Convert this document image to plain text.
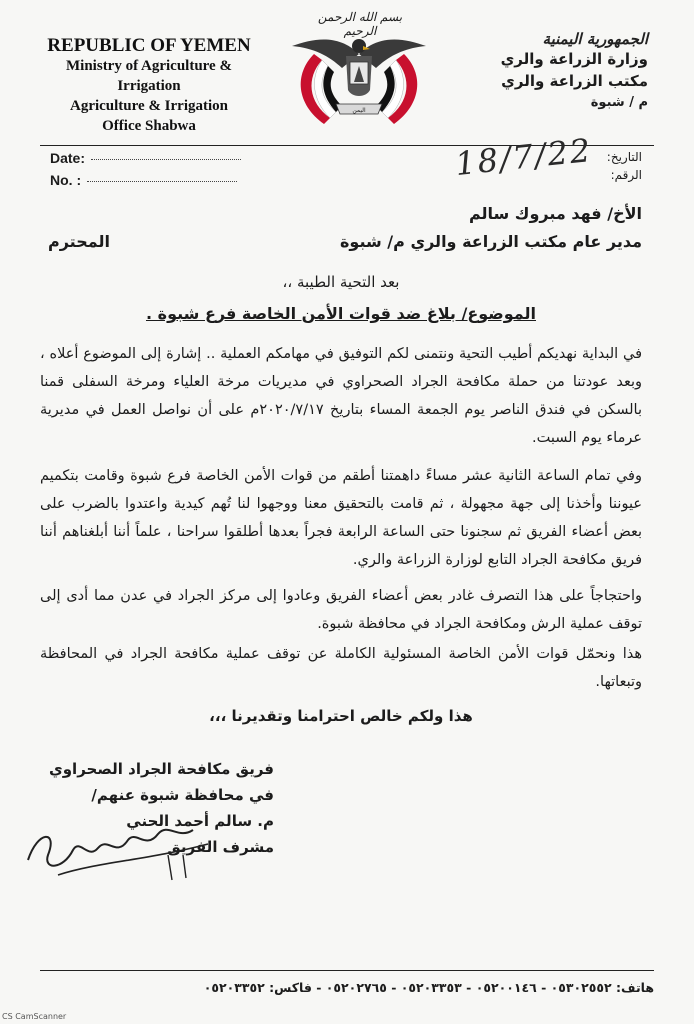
REPUBLIC OF YEMEN
Ministry of Agriculture &
Irrigation
Agriculture & Irrigation
Office Shabwa
بسم الله الرحمن الرحيم
اليمن
الجمهورية اليمنية
وزارة الزراعة والري
مكتب الزراعة والري
م / شبوة
Date:
No. :
التاريخ:
الرقم:
18/7/22
الأخ/ فهد مبروك سالم
مدير عام مكتب الزراعة والري م/ شبوة
المحترم
بعد التحية الطيبة ،،
الموضوع/ بلاغ ضد قوات الأمن الخاصة فرع شبوة .
في البداية نهديكم أطيب التحية ونتمنى لكم التوفيق في مهامكم العملية .. إشارة إلى الموضوع أعلاه ، وبعد عودتنا من حملة مكافحة الجراد الصحراوي في مديريات مرخة العلياء ومرخة السفلى قمنا بالسكن في فندق الناصر يوم الجمعة المساء بتاريخ ٢٠٢٠/٧/١٧م على أن نواصل العمل في مديرية عرماء يوم السبت.
وفي تمام الساعة الثانية عشر مساءً داهمتنا أطقم من قوات الأمن الخاصة فرع شبوة وقامت بتكميم عيوننا وأخذنا إلى جهة مجهولة ، ثم قامت بالتحقيق معنا ووجهوا لنا تُهم كيدية واعتدوا بالضرب على بعض أعضاء الفريق ثم سجنونا حتى الساعة الرابعة فجراً بعدها أطلقوا سراحنا ، علماً أننا أبلغناهم أننا فريق مكافحة الجراد التابع لوزارة الزراعة والري.
واحتجاجاً على هذا التصرف غادر بعض أعضاء الفريق وعادوا إلى مركز الجراد في عدن مما أدى إلى توقف عملية الرش ومكافحة الجراد في محافظة شبوة.
هذا ونحمّل قوات الأمن الخاصة المسئولية الكاملة عن توقف عملية مكافحة الجراد في المحافظة وتبعاتها.
هذا ولكم خالص احترامنا وتقديرنا ،،،
فريق مكافحة الجراد الصحراوي
في محافظة شبوة عنهم/
م. سالم أحمد الحني
مشرف الفريق
هاتف: ٠٥٣٠٢٥٥٢ - ٠٥٢٠٠١٤٦ - ٠٥٢٠٣٣٥٣ - ٠٥٢٠٢٧٦٥ - فاكس: ٠٥٢٠٣٣٥٢
CS CamScanner
